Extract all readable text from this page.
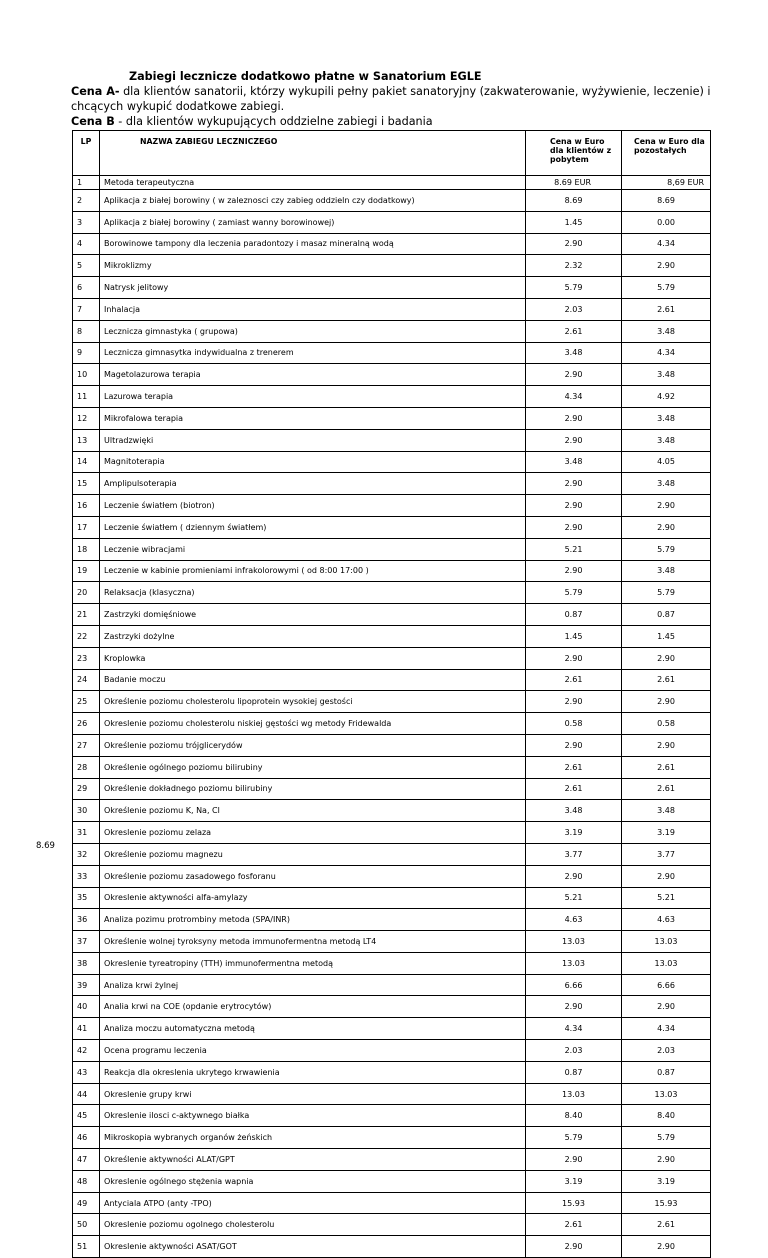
Zabiegi lecznicze dodatkowo płatne w Sanatorium EGLE
Cena A- dla klientów sanatorii, którzy wykupili pełny pakiet sanatoryjny (zakwaterowanie, wyżywienie, leczenie) i chcących wykupić dodatkowe zabiegi.
Cena B - dla klientów wykupujących oddzielne zabiegi i badania
8.69
LP	NAZWA ZABIEGU LECZNICZEGO	Cena w Euro dla klientów z pobytem	Cena w Euro dla pozostałych
1	Metoda terapeutyczna	8.69 EUR	8,69 EUR
2	Aplikacja z białej borowiny ( w zaleznosci czy zabieg oddzieln czy dodatkowy)	8.69	8.69
3	Aplikacja z białej borowiny ( zamiast wanny borowinowej)	1.45	0.00
4	Borowinowe tampony dla leczenia paradontozy i masaz mineralną wodą	2.90	4.34
5	Mikroklizmy	2.32	2.90
6	Natrysk jelitowy	5.79	5.79
7	Inhalacja	2.03	2.61
8	Lecznicza gimnastyka ( grupowa)	2.61	3.48
9	Lecznicza gimnasytka indywidualna z trenerem	3.48	4.34
10	Magetolazurowa terapia	2.90	3.48
11	Lazurowa terapia	4.34	4.92
12	Mikrofalowa terapia	2.90	3.48
13	Ultradzwięki	2.90	3.48
14	Magnitoterapia	3.48	4.05
15	Amplipulsoterapia	2.90	3.48
16	Leczenie światłem (biotron)	2.90	2.90
17	Leczenie światłem ( dziennym światłem)	2.90	2.90
18	Leczenie wibracjami	5.21	5.79
19	Leczenie w kabinie promieniami infrakolorowymi ( od 8:00 17:00 )	2.90	3.48
20	Relaksacja (klasyczna)	5.79	5.79
21	Zastrzyki domięśniowe	0.87	0.87
22	Zastrzyki dożylne	1.45	1.45
23	Kroplowka	2.90	2.90
24	Badanie moczu	2.61	2.61
25	Określenie poziomu cholesterolu lipoprotein wysokiej gestości	2.90	2.90
26	Okreslenie poziomu cholesterolu niskiej gęstości wg metody Fridewalda	0.58	0.58
27	Określenie poziomu trójglicerydów	2.90	2.90
28	Określenie ogólnego poziomu bilirubiny	2.61	2.61
29	Określenie dokładnego poziomu bilirubiny	2.61	2.61
30	Określenie poziomu K, Na, Cl	3.48	3.48
31	Okreslenie poziomu zelaza	3.19	3.19
32	Określenie poziomu magnezu	3.77	3.77
33	Określenie poziomu zasadowego fosforanu	2.90	2.90
35	Okreslenie aktywności alfa-amylazy	5.21	5.21
36	Analiza pozimu protrombiny metoda (SPA/INR)	4.63	4.63
37	Określenie wolnej tyroksyny metoda immunofermentna metodą LT4	13.03	13.03
38	Okreslenie tyreatropiny (TTH) immunofermentna metodą	13.03	13.03
39	Analiza krwi żylnej	6.66	6.66
40	Analia krwi na COE (opdanie erytrocytów)	2.90	2.90
41	Analiza moczu automatyczna metodą	4.34	4.34
42	Ocena programu leczenia	2.03	2.03
43	Reakcja dla okreslenia ukrytego krwawienia	0.87	0.87
44	Okreslenie grupy krwi	13.03	13.03
45	Okreslenie ilosci c-aktywnego białka	8.40	8.40
46	Mikroskopia wybranych organów żeńskich	5.79	5.79
47	Określenie aktywności ALAT/GPT	2.90	2.90
48	Okreslenie ogólnego stężenia wapnia	3.19	3.19
49	Antyciala ATPO (anty -TPO)	15.93	15.93
50	Okreslenie poziomu ogolnego cholesterolu	2.61	2.61
51	Okreslenie aktywności ASAT/GOT	2.90	2.90
